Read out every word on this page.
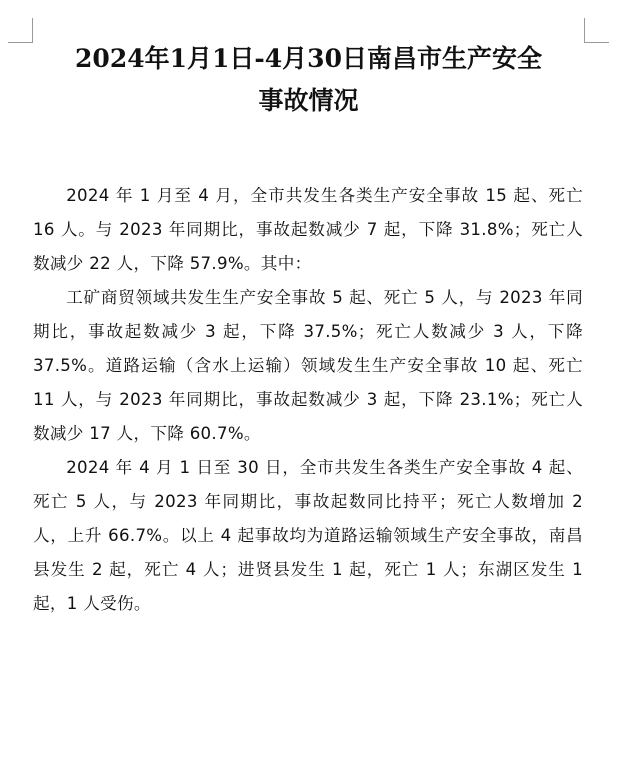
2024年1月1日-4月30日南昌市生产安全
事故情况

2024 年 1 月至 4 月，全市共发生各类生产安全事故 15 起、死亡 16 人。与 2023 年同期比，事故起数减少 7 起，下降 31.8%；死亡人数减少 22 人，下降 57.9%。其中：

工矿商贸领域共发生生产安全事故 5 起、死亡 5 人，与 2023 年同期比，事故起数减少 3 起，下降 37.5%；死亡人数减少 3 人，下降 37.5%。道路运输（含水上运输）领域发生生产安全事故 10 起、死亡 11 人，与 2023 年同期比，事故起数减少 3 起，下降 23.1%；死亡人数减少 17 人，下降 60.7%。

2024 年 4 月 1 日至 30 日，全市共发生各类生产安全事故 4 起、死亡 5 人，与 2023 年同期比，事故起数同比持平；死亡人数增加 2 人，上升 66.7%。以上 4 起事故均为道路运输领域生产安全事故，南昌县发生 2 起，死亡 4 人；进贤县发生 1 起，死亡 1 人；东湖区发生 1 起，1 人受伤。
